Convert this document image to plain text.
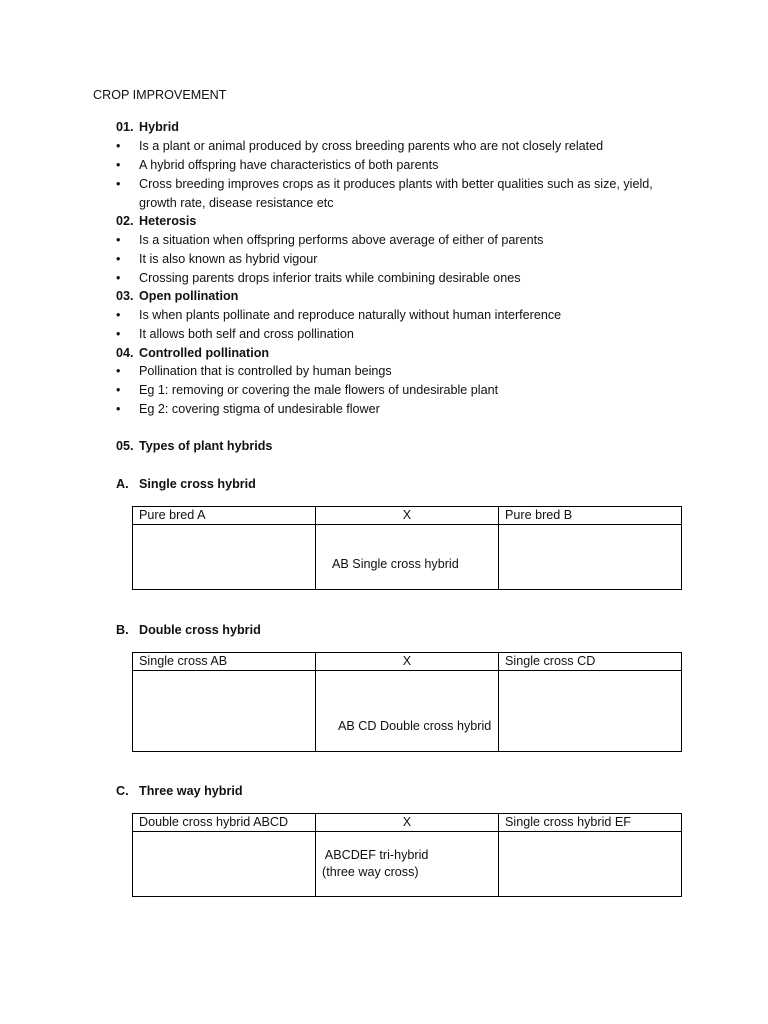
CROP IMPROVEMENT
01. Hybrid
•	Is a plant or animal produced by cross breeding parents who are not closely related
•	A hybrid offspring have characteristics of both parents
•	Cross breeding improves crops as it produces plants with better qualities such as size, yield, growth rate, disease resistance etc
02. Heterosis
•	Is a situation when offspring performs above average of either of parents
•	It is also known as hybrid vigour
•	Crossing parents drops inferior traits while combining desirable ones
03. Open pollination
•	Is when plants pollinate and reproduce naturally without human interference
•	It allows both self and cross pollination
04. Controlled pollination
•	Pollination that is controlled by human beings
•	Eg 1: removing or covering the male flowers of undesirable plant
•	Eg 2: covering stigma of undesirable flower
05. Types of plant hybrids
A. Single cross hybrid
Pure bred A	X	Pure bred B

	AB Single cross hybrid	

B. Double cross hybrid
Single cross AB	X	Single cross CD

	AB CD Double cross hybrid	

C. Three way hybrid
Double cross hybrid ABCD	X	Single cross hybrid EF

	ABCDEF tri-hybrid
(three way cross)	
